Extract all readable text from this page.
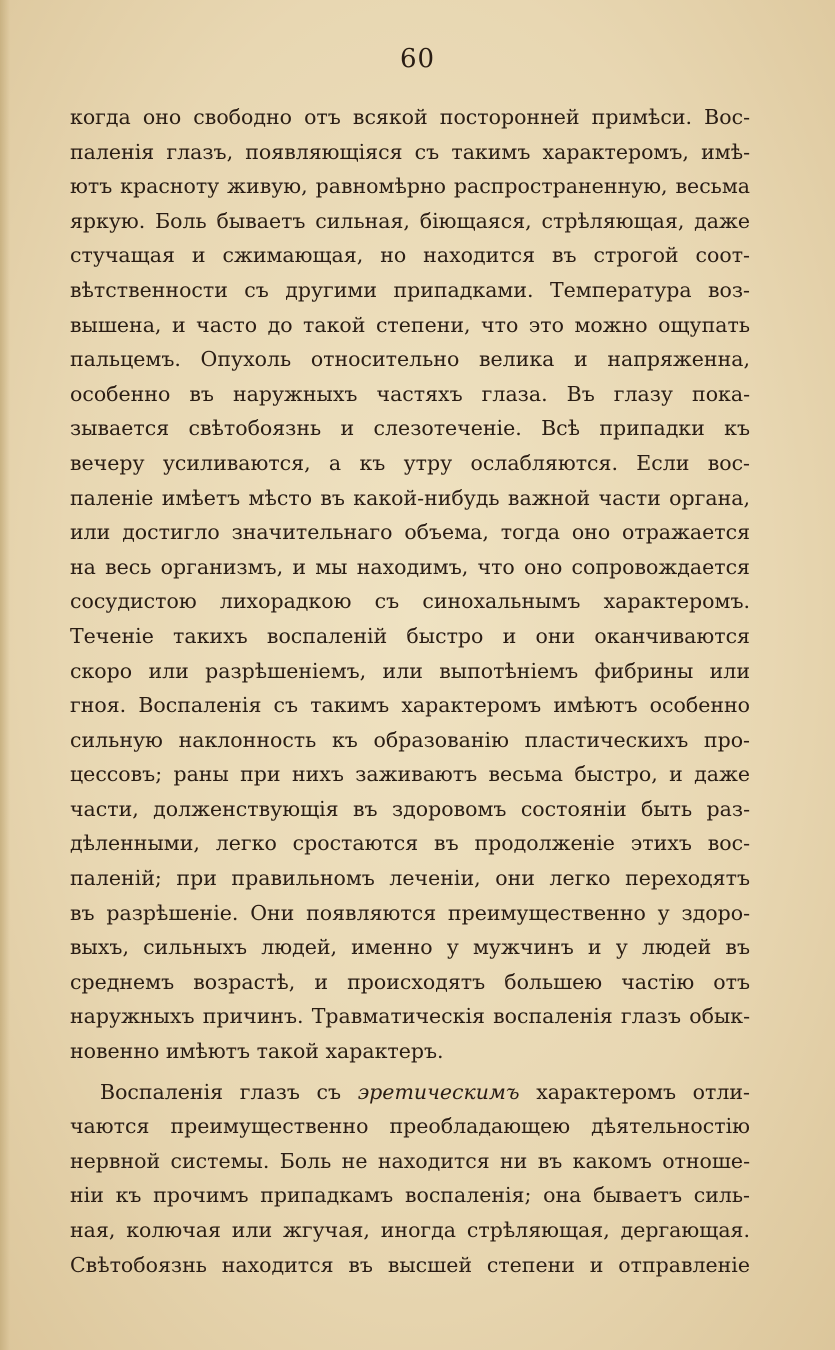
60
когда оно свободно отъ всякой посторонней примѣси. Вос-
паленія глазъ, появляющіяся съ такимъ характеромъ, имѣ-
ютъ красноту живую, равномѣрно распространенную, весьма
яркую. Боль бываетъ сильная, біющаяся, стрѣляющая, даже
стучащая и сжимающая, но находится въ строгой соот-
вѣтственности съ другими припадками. Температура воз-
вышена, и часто до такой степени, что это можно ощупать
пальцемъ. Опухоль относительно велика и напряженна,
особенно въ наружныхъ частяхъ глаза. Въ глазу пока-
зывается свѣтобоязнь и слезотеченіе. Всѣ припадки къ
вечеру усиливаются, а къ утру ослабляются. Если вос-
паленіе имѣетъ мѣсто въ какой-нибудь важной части органа,
или достигло значительнаго объема, тогда оно отражается
на весь организмъ, и мы находимъ, что оно сопровождается
сосудистою лихорадкою съ синохальнымъ характеромъ.
Теченіе такихъ воспаленій быстро и они оканчиваются
скоро или разрѣшеніемъ, или выпотѣніемъ фибрины или
гноя. Воспаленія съ такимъ характеромъ имѣютъ особенно
сильную наклонность къ образованію пластическихъ про-
цессовъ; раны при нихъ заживаютъ весьма быстро, и даже
части, долженствующія въ здоровомъ состояніи быть раз-
дѣленными, легко сростаются въ продолженіе этихъ вос-
паленій; при правильномъ леченіи, они легко переходятъ
въ разрѣшеніе. Они появляются преимущественно у здоро-
выхъ, сильныхъ людей, именно у мужчинъ и у людей въ
среднемъ возрастѣ, и происходятъ большею частію отъ
наружныхъ причинъ. Травматическія воспаленія глазъ обык-
новенно имѣютъ такой характеръ.
Воспаленія глазъ съ эретическимъ характеромъ отли-
чаются преимущественно преобладающею дѣятельностію
нервной системы. Боль не находится ни въ какомъ отноше-
ніи къ прочимъ припадкамъ воспаленія; она бываетъ силь-
ная, колючая или жгучая, иногда стрѣляющая, дергающая.
Свѣтобоязнь находится въ высшей степени и отправленіе
